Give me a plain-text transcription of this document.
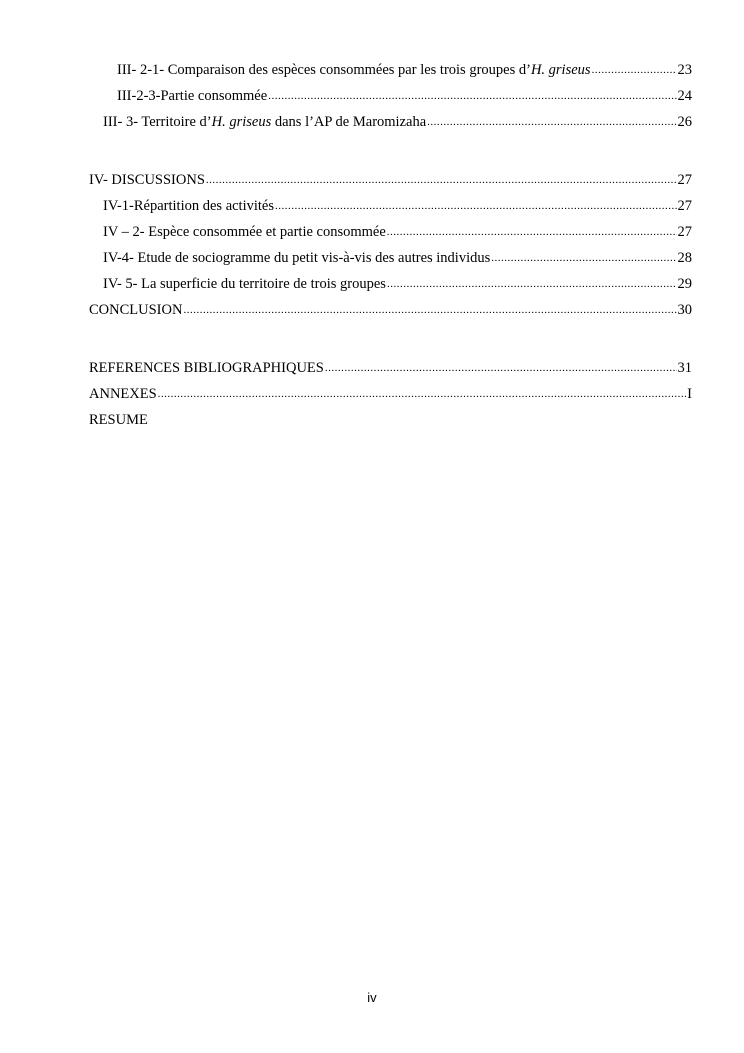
III- 2-1- Comparaison des espèces consommées par les trois groupes d’H. griseus .....	23
III-2-3-Partie consommée .....	24
III- 3- Territoire d’H. griseus dans l’AP de Maromizaha .....	26
IV- DISCUSSIONS .....	27
IV-1-Répartition des activités .....	27
IV – 2- Espèce consommée et partie consommée .....	27
IV-4- Etude de sociogramme du petit vis-à-vis des autres individus .....	28
IV- 5- La superficie du territoire de trois groupes .....	29
CONCLUSION .....	30
REFERENCES BIBLIOGRAPHIQUES .....	31
ANNEXES .....	I
RESUME
iv
